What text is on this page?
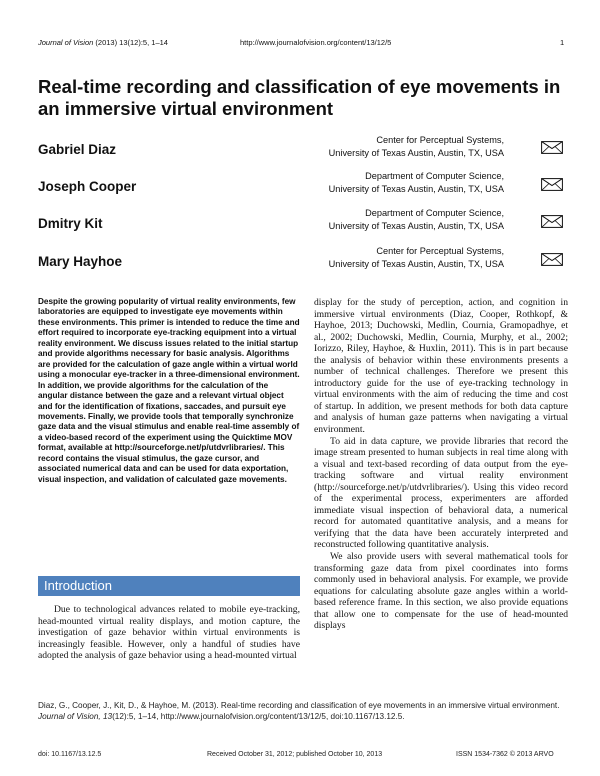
Journal of Vision (2013) 13(12):5, 1–14	http://www.journalofvision.org/content/13/12/5	1
Real-time recording and classification of eye movements in an immersive virtual environment
Gabriel Diaz
Center for Perceptual Systems,
University of Texas Austin, Austin, TX, USA
Joseph Cooper
Department of Computer Science,
University of Texas Austin, Austin, TX, USA
Dmitry Kit
Department of Computer Science,
University of Texas Austin, Austin, TX, USA
Mary Hayhoe
Center for Perceptual Systems,
University of Texas Austin, Austin, TX, USA
Despite the growing popularity of virtual reality environments, few laboratories are equipped to investigate eye movements within these environments. This primer is intended to reduce the time and effort required to incorporate eye-tracking equipment into a virtual reality environment. We discuss issues related to the initial startup and provide algorithms necessary for basic analysis. Algorithms are provided for the calculation of gaze angle within a virtual world using a monocular eye-tracker in a three-dimensional environment. In addition, we provide algorithms for the calculation of the angular distance between the gaze and a relevant virtual object and for the identification of fixations, saccades, and pursuit eye movements. Finally, we provide tools that temporally synchronize gaze data and the visual stimulus and enable real-time assembly of a video-based record of the experiment using the Quicktime MOV format, available at http://sourceforge.net/p/utdvrlibraries/. This record contains the visual stimulus, the gaze cursor, and associated numerical data and can be used for data exportation, visual inspection, and validation of calculated gaze movements.
Introduction

Due to technological advances related to mobile eye-tracking, head-mounted virtual reality displays, and motion capture, the investigation of gaze behavior within virtual environments is increasingly feasible. However, only a handful of studies have adopted the analysis of gaze behavior using a head-mounted virtual

display for the study of perception, action, and cognition in immersive virtual environments (Diaz, Cooper, Rothkopf, & Hayhoe, 2013; Duchowski, Medlin, Cournia, Gramopadhye, et al., 2002; Duchowski, Medlin, Cournia, Murphy, et al., 2002; Iorizzo, Riley, Hayhoe, & Huxlin, 2011). This is in part because the analysis of behavior within these environments presents a number of technical challenges. Therefore we present this introductory guide for the use of eye-tracking technology in virtual environments with the aim of reducing the time and cost of startup. In addition, we present methods for both data capture and analysis of human gaze patterns when navigating a virtual environment.

To aid in data capture, we provide libraries that record the image stream presented to human subjects in real time along with a visual and text-based recording of data output from the eye-tracking software and virtual reality environment (http://sourceforge.net/p/utdvrlibraries/). Using this video record of the experimental process, experimenters are afforded immediate visual inspection of behavioral data, a numerical record for automated quantitative analysis, and a means for verifying that the data have been accurately interpreted and reconstructed following quantitative analysis.

We also provide users with several mathematical tools for transforming gaze data from pixel coordinates into forms commonly used in behavioral analysis. For example, we provide equations for calculating absolute gaze angles within a world-based reference frame. In this section, we also provide equations that allow one to compensate for the use of head-mounted displays

Diaz, G., Cooper, J., Kit, D., & Hayhoe, M. (2013). Real-time recording and classification of eye movements in an immersive virtual environment. Journal of Vision, 13(12):5, 1–14, http://www.journalofvision.org/content/13/12/5, doi:10.1167/13.12.5.
doi: 10.1167/13.12.5	Received October 31, 2012; published October 10, 2013	ISSN 1534-7362 © 2013 ARVO
